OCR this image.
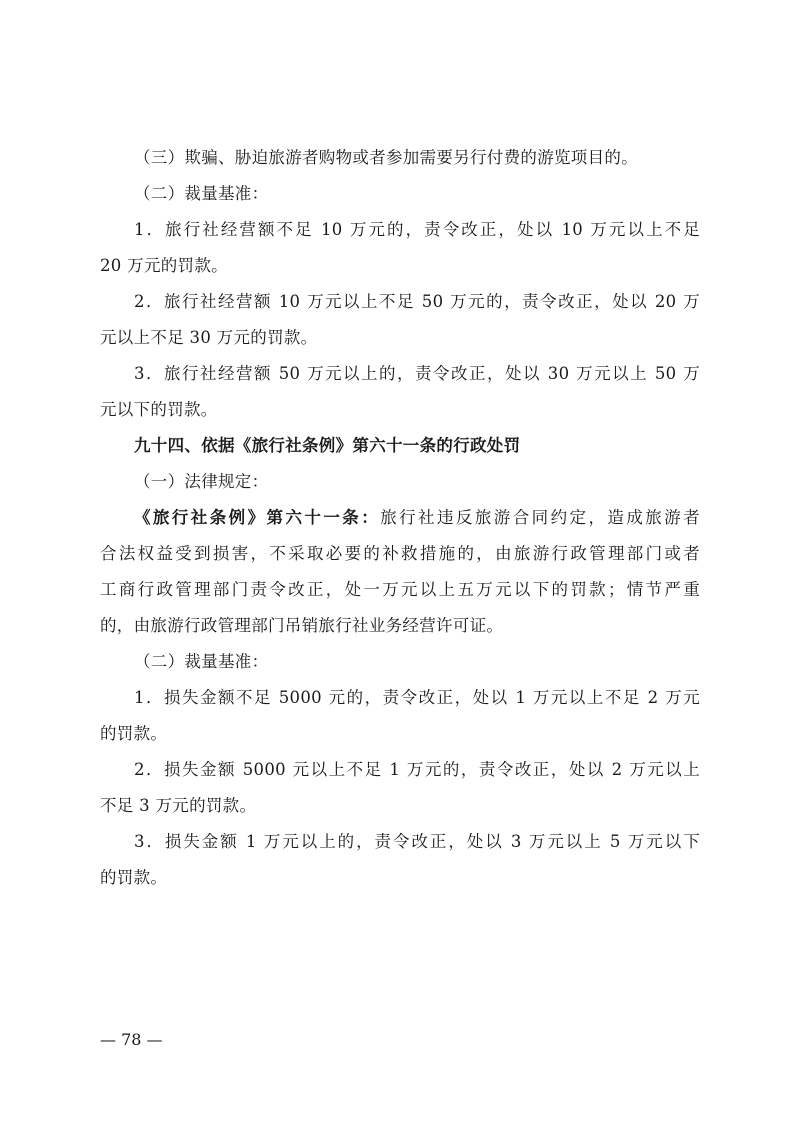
（三）欺骗、胁迫旅游者购物或者参加需要另行付费的游览项目的。
（二）裁量基准：
1．旅行社经营额不足 10 万元的，责令改正，处以 10 万元以上不足
20 万元的罚款。
2．旅行社经营额 10 万元以上不足 50 万元的，责令改正，处以 20 万
元以上不足 30 万元的罚款。
3．旅行社经营额 50 万元以上的，责令改正，处以 30 万元以上 50 万
元以下的罚款。
九十四、依据《旅行社条例》第六十一条的行政处罚
（一）法律规定：
《旅行社条例》第六十一条：旅行社违反旅游合同约定，造成旅游者
合法权益受到损害，不采取必要的补救措施的，由旅游行政管理部门或者
工商行政管理部门责令改正，处一万元以上五万元以下的罚款；情节严重
的，由旅游行政管理部门吊销旅行社业务经营许可证。
（二）裁量基准：
1．损失金额不足 5000 元的，责令改正，处以 1 万元以上不足 2 万元
的罚款。
2．损失金额 5000 元以上不足 1 万元的，责令改正，处以 2 万元以上
不足 3 万元的罚款。
3．损失金额 1 万元以上的，责令改正，处以 3 万元以上 5 万元以下
的罚款。
— 78 —
